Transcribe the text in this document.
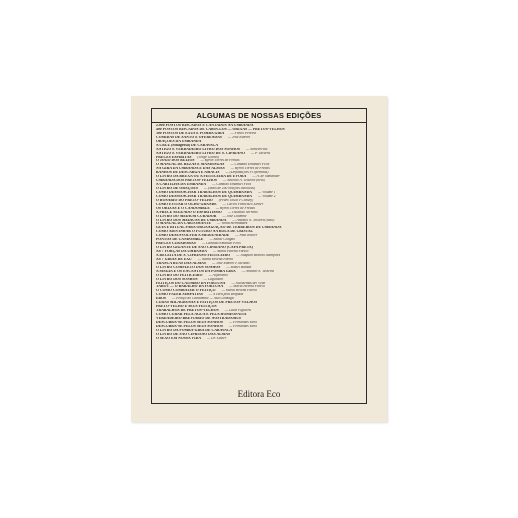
ALGUMAS DE NOSSAS EDIÇÕES
2.000 PONTOS RISCADOS E CANTADOS NA UMBANDA
400 PONTOS RISCADOS DE CABOCLOS — ORIXÁS — PRETOS-VELHOS
300 PONTOS DE EXUS E POMBA GIRA — Flávio Pereira
COMIDAS DE SANTO E OFERENDAS — José Ribeiro
ORAÇÕES DA UMBANDA
A CRUZ (Milagrosa) DE CARAVACA
ANTIGO E VERDADEIRO LIVRO DOS SONHOS — Almeleo-Ra.
ANTIGO E VERDADEIRO LIVRO DE S. CIPRIANO — P. Tarurra
PRECES ESPÍRITAS (Jorge Gomes)
O JOGO DOS BÚZIOS — Byron Tôrres de Freitas
O MANUAL DE REZAS E MANDINGAS — Cândido Emanuel Félix
NA GIRA DA UMBANDA E DAS ALMAS — Byron Tôrres de Freitas
BANHOS DE DESCARGA E AMACIS — (Defumações e Oferendas)
O LIVRO DA BRUXA OU A FEITICEIRA DE ÉVORA — A. de Santander
UMBANDA DOS PRETOS-VELHOS — Antônio A. Teixeira (neto)
A CARTILHA DA UMBANDA — Cândido Emanuel Félix
O LIVRO DE ORAÇÕES — (Mais de 200 orações católicas)
COMO DESMANCHAR TRABALHOS DE QUIMBANDA — Volume 1
COMO DESMANCHAR TRABALHOS DE QUIMBANDA — Volume 2
O ROSÁRIO DO PRETO-VELHO (Pedro Tosca e Crasby)
COMO EVITAR O OLHO GRANDE — Carlos Francisco Xavier
OS ORIXÁS E O CANDOMBLÉ — Byron Tôrres de Freitas
A PRECE SEGUNDO O ESPIRITISMO — Oswaldo Serrano
O LIVRO DO MÉDIUM CURADOR — José Lhomme
O LIVRO DOS MÉDIUNS DE UMBANDA — Antônio A. Teixeira (neto)
O MANUAL DA CARTOMANTE — Vilma Hermandez
GUIA E RITUAL PARA ORGANIZAÇÃO DE TERREIROS DE UMBANDA
COMO ADIVINHAR O FUTURO NA BOLA DE CRISTAL
COMO DESENVOLVER A MEDIUNIDADE — Paul Rollier
PONTOS DE CANDOMBLÉ — Sabac Gongaô
PRECES CURADORAS — Cândido Emanuel Félix
O LIVRO GIGANTE DE SÃO CIPRIANO (CAPA PRETA)
AS 7 FORÇAS DA UMBANDA — Maria Helena Farelli
A RECEITA DE S. CIPRIANO FEITICEIRO — Joaquim Betelho Salmpires
AS 7 GIRAS DE EXU — Maria Helena Farelli
TRANCA RUAS DAS ALMAS — José Ribeiro e Jacobas
O LIVRO COMPLETO DOS SONHOS — Mahel Bathan
A MAGIA E OS ENCANTOS DA POMBA GIRA — Antônio A. Teixeira
O LIVRO DO FEITICEIRO — Alfarrábio
O LIVRO DOS SONHOS — Cagliostro
FEITIÇOS DO CATIMBÓ DA FORTUNA — Nicodemus del Vêde
TAROT — O BARALHO DA FORTUNA — Maria Helena Farelli
O COMO COMBATER O FEITIÇO — Maria Helena Farelli
COMO FAZER SIMPATIAS — A cura pela simpatia
EBÓS — Feitiço do Candomblé — Akil Gonzaga
CURAS MILAGROSAS E FEITIÇOS DE PRETOS-VELHOS
PRETO-VELHO E SEUS FEITIÇOS
TRABALHOS DE PRETOS-VELHOS — Lucia Figueira
COMO CURAR PELA ÁGUA E PELA HOMEOPATIA
VERDADEIRO BREVIÁRIO DE NOSTRADAMUS
DESCUBRA-SE PELOS SEUS SONHOS — Fernandes Melo
DESCUBRA-SE PELOS SEUS SONHOS — Fernandes Melo
O LIVRO DA POMBA-GIRA DE CARAVACA
O LIVRO DE SÃO CIPRIANO DAS ALMAS
O SEXO EM NOSSA VIDA — Dr. Xavier
Editora Eco
